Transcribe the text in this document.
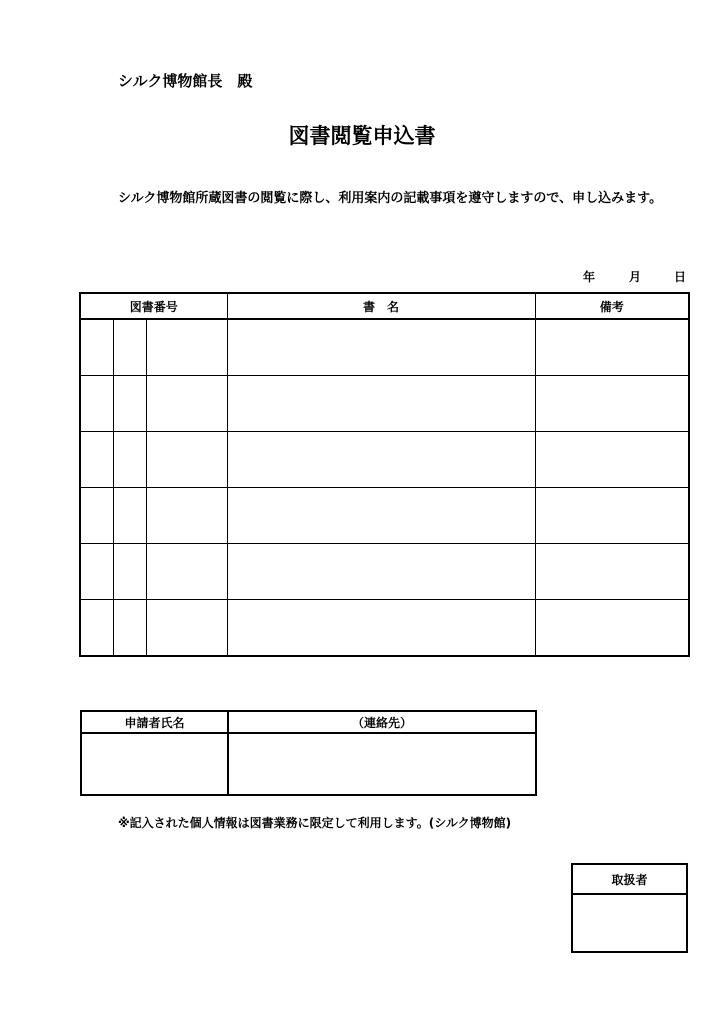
シルク博物館長　殿
図書閲覧申込書
シルク博物館所蔵図書の閲覧に際し、利用案内の記載事項を遵守しますので、申し込みます。
年	月	日
図書番号			書　名	備考

申請者氏名	（連絡先）

※記入された個人情報は図書業務に限定して利用します。(シルク博物館)
取扱者
